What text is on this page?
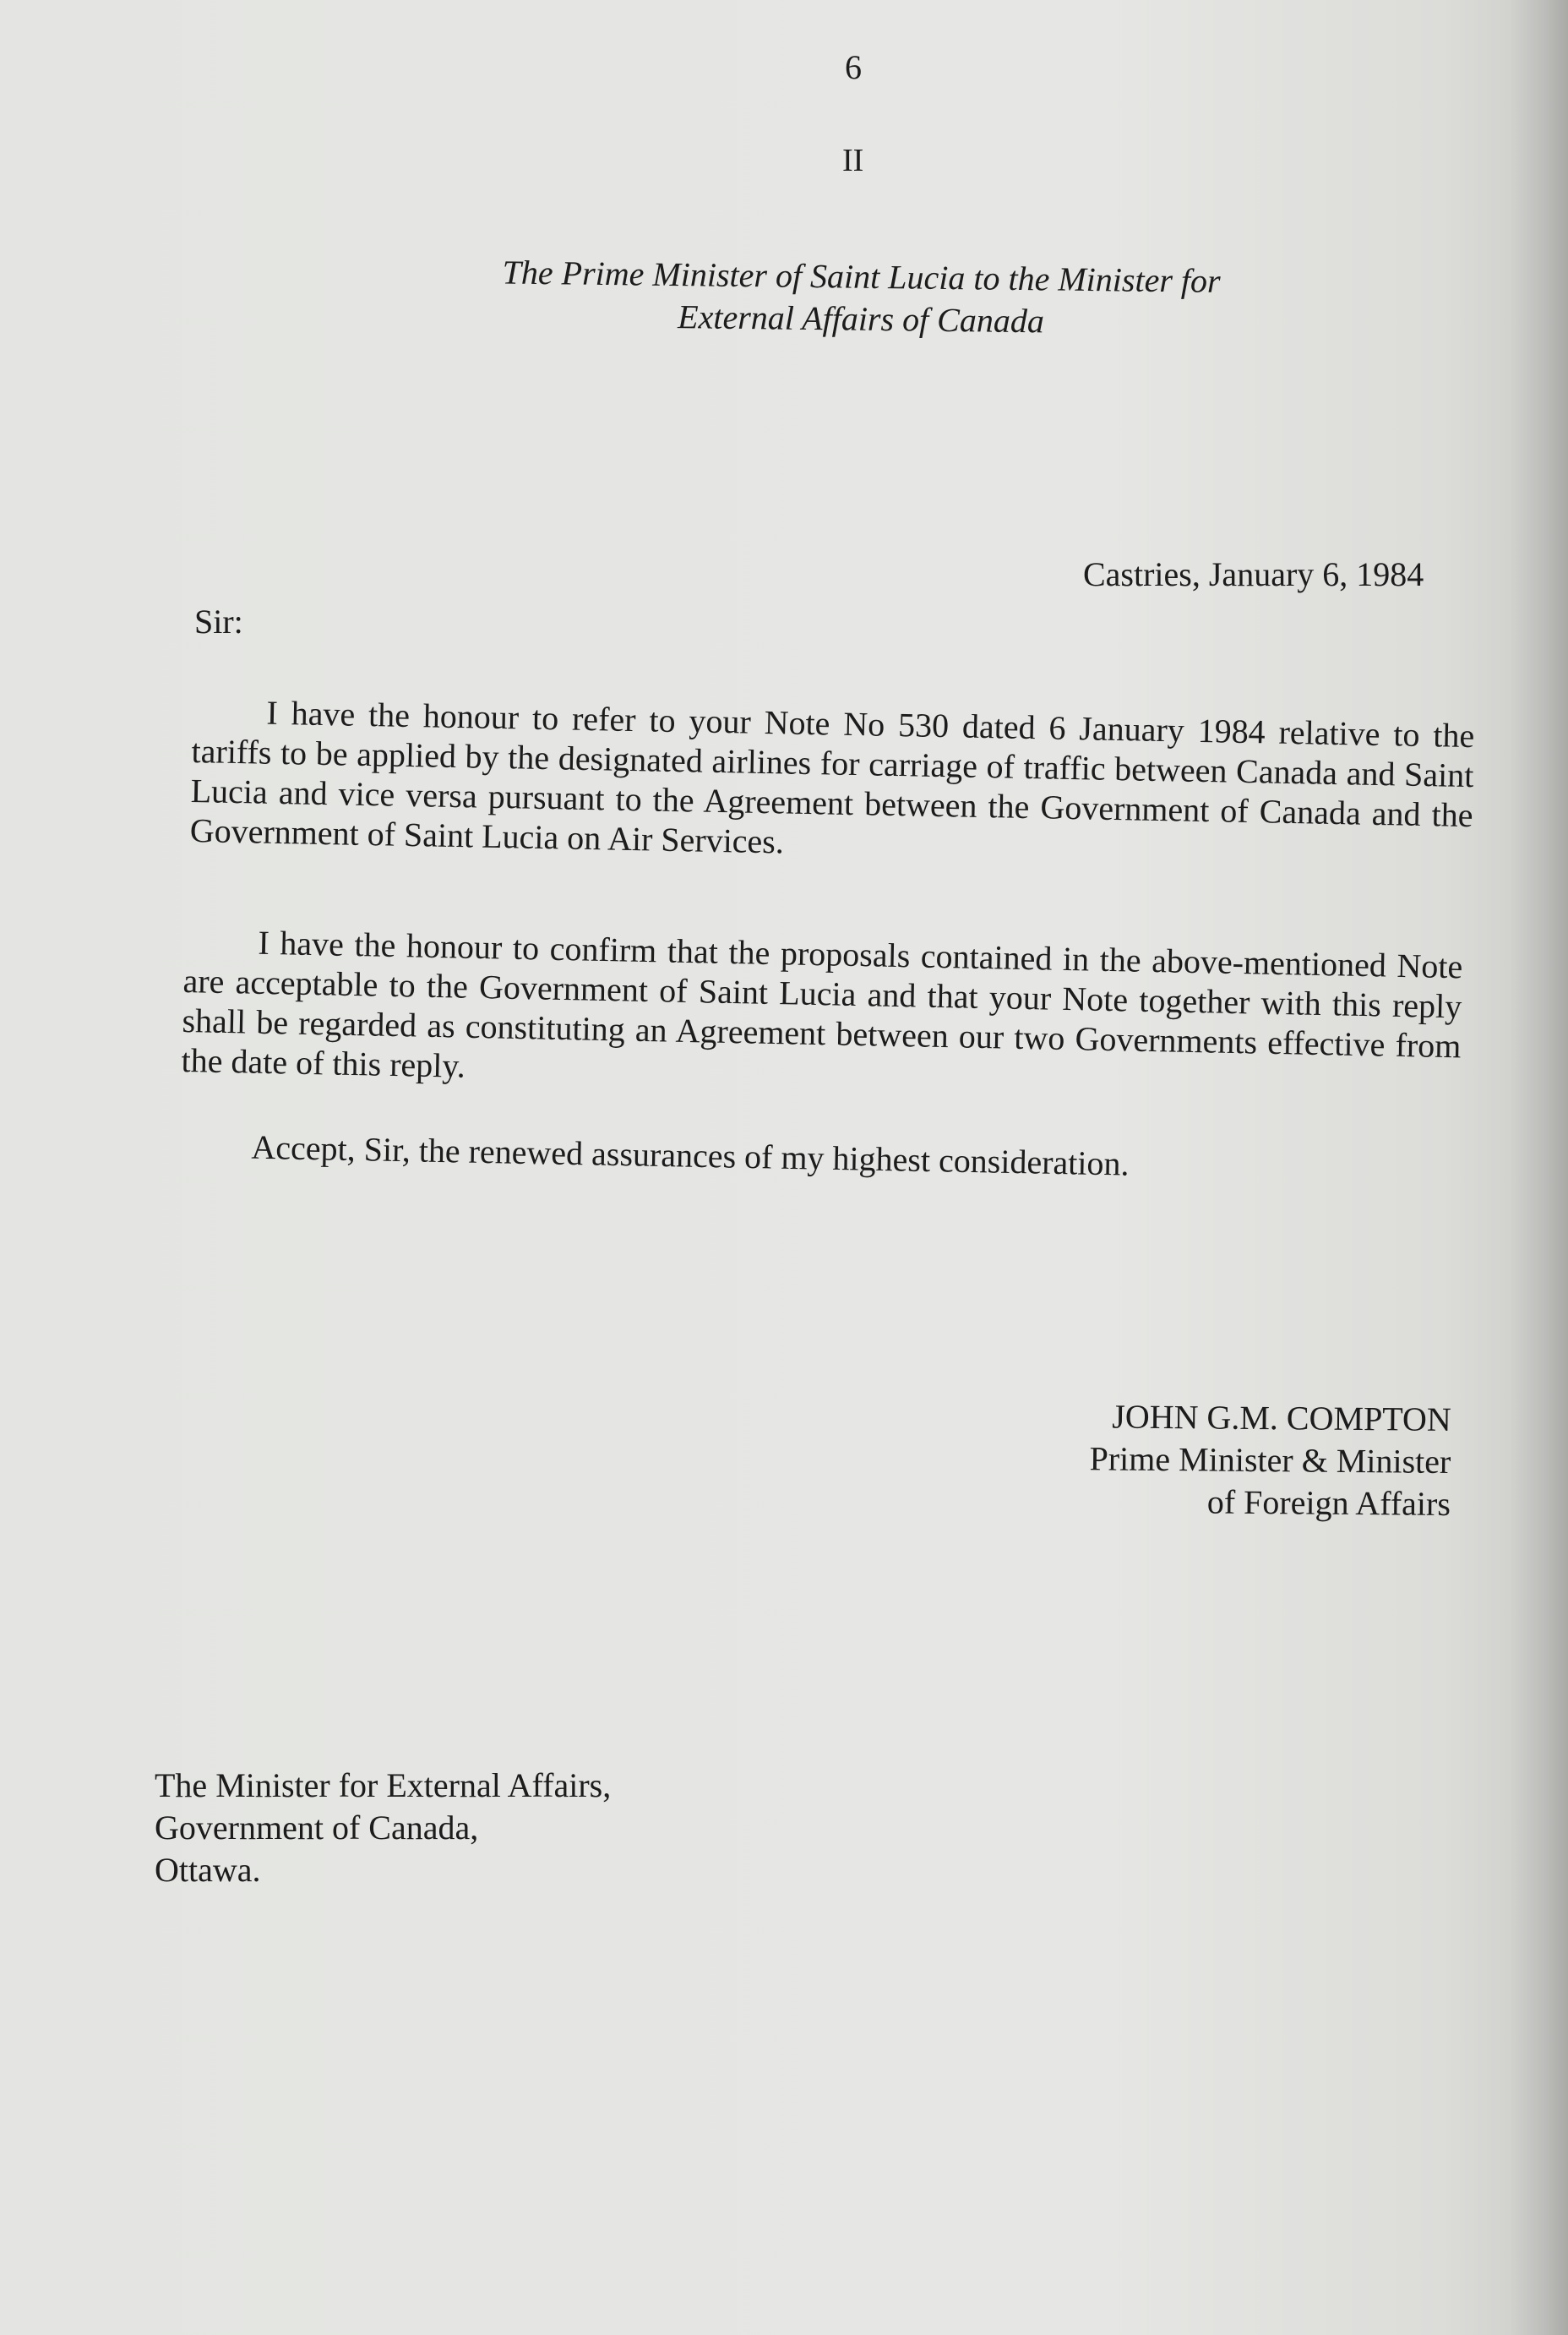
6
II
The Prime Minister of Saint Lucia to the Minister for
External Affairs of Canada
Castries, January 6, 1984
Sir:

I have the honour to refer to your Note No 530 dated 6 January 1984 relative to the tariffs to be applied by the designated airlines for carriage of traffic between Canada and Saint Lucia and vice versa pursuant to the Agreement between the Government of Canada and the Government of Saint Lucia on Air Services.

I have the honour to confirm that the proposals contained in the above-mentioned Note are acceptable to the Government of Saint Lucia and that your Note together with this reply shall be regarded as constituting an Agreement between our two Governments effective from the date of this reply.

Accept, Sir, the renewed assurances of my highest consideration.

JOHN G.M. COMPTON
Prime Minister & Minister
of Foreign Affairs
The Minister for External Affairs,
Government of Canada,
Ottawa.
